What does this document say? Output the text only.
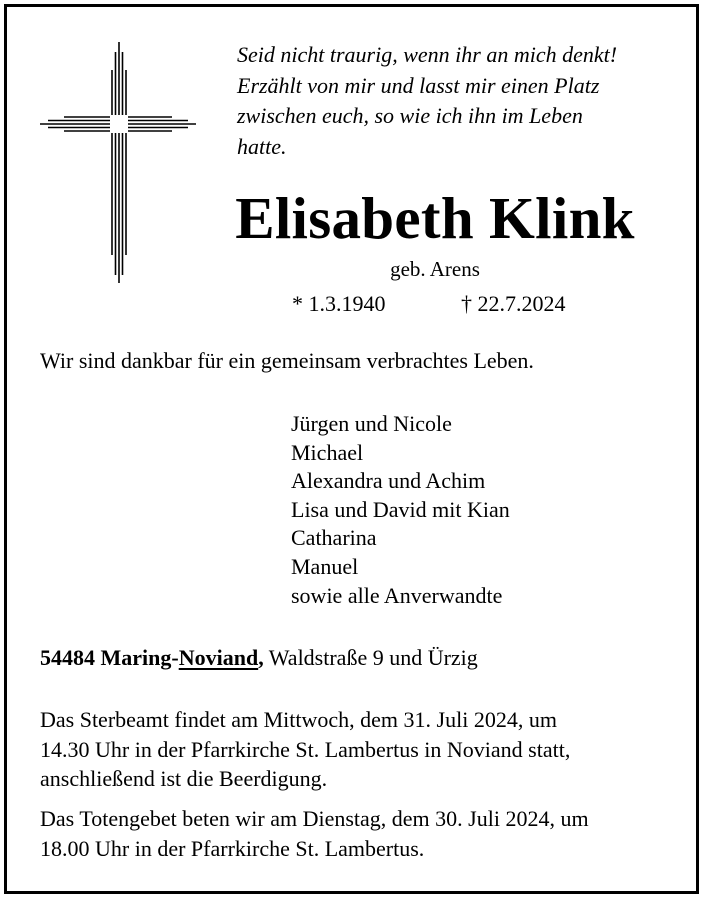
Seid nicht traurig, wenn ihr an mich denkt!
Erzählt von mir und lasst mir einen Platz
zwischen euch, so wie ich ihn im Leben
hatte.
Elisabeth Klink
geb. Arens
* 1.3.1940	† 22.7.2024
Wir sind dankbar für ein gemeinsam verbrachtes Leben.
Jürgen und Nicole
Michael
Alexandra und Achim
Lisa und David mit Kian
Catharina
Manuel
sowie alle Anverwandte
54484 Maring-Noviand, Waldstraße 9 und Ürzig
Das Sterbeamt findet am Mittwoch, dem 31. Juli 2024, um
14.30 Uhr in der Pfarrkirche St. Lambertus in Noviand statt,
anschließend ist die Beerdigung.
Das Totengebet beten wir am Dienstag, dem 30. Juli 2024, um
18.00 Uhr in der Pfarrkirche St. Lambertus.
